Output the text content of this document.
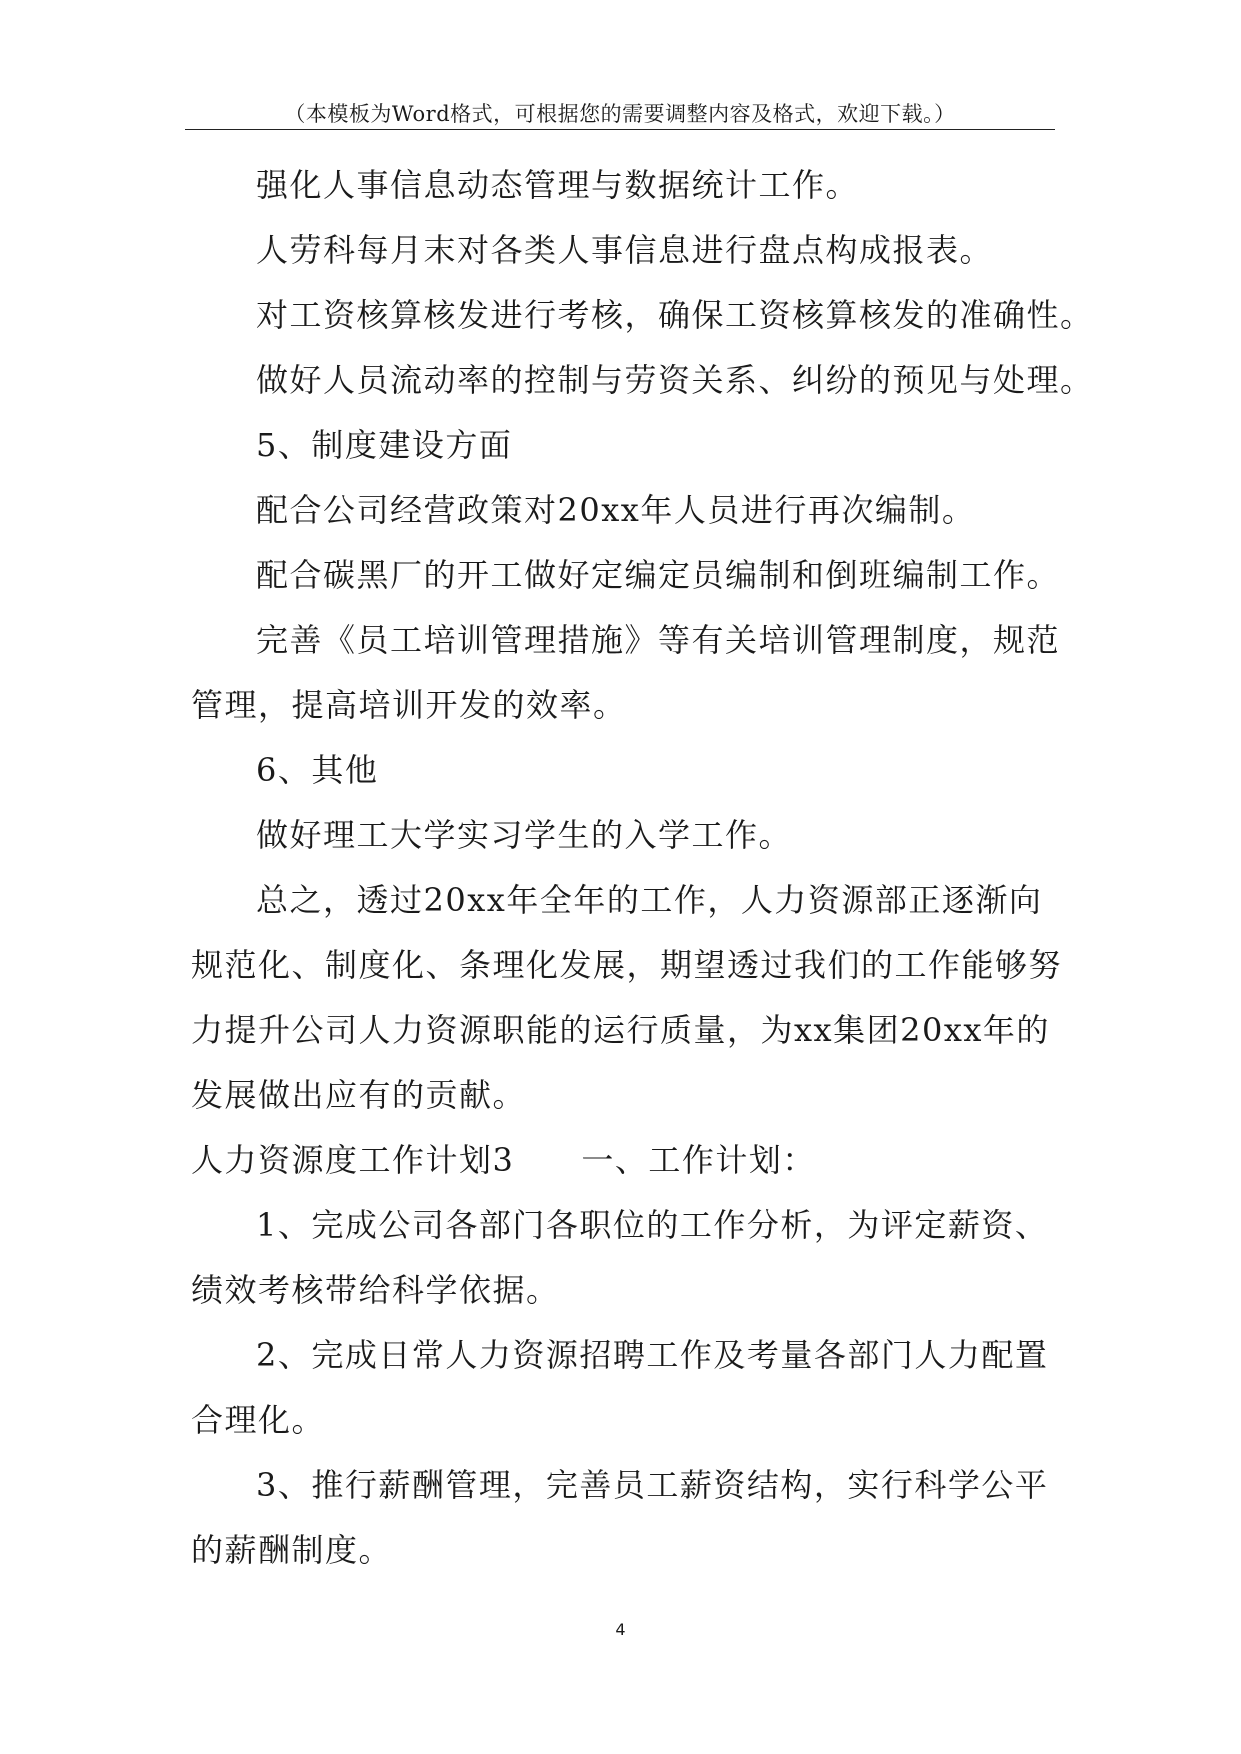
（本模板为Word格式，可根据您的需要调整内容及格式，欢迎下载。）
强化人事信息动态管理与数据统计工作。
人劳科每月末对各类人事信息进行盘点构成报表。
对工资核算核发进行考核，确保工资核算核发的准确性。
做好人员流动率的控制与劳资关系、纠纷的预见与处理。
5、制度建设方面
配合公司经营政策对20xx年人员进行再次编制。
配合碳黑厂的开工做好定编定员编制和倒班编制工作。
完善《员工培训管理措施》等有关培训管理制度，规范
管理，提高培训开发的效率。
6、其他
做好理工大学实习学生的入学工作。
总之，透过20xx年全年的工作，人力资源部正逐渐向
规范化、制度化、条理化发展，期望透过我们的工作能够努
力提升公司人力资源职能的运行质量，为xx集团20xx年的
发展做出应有的贡献。
人力资源度工作计划3　　一、工作计划：
1、完成公司各部门各职位的工作分析，为评定薪资、
绩效考核带给科学依据。
2、完成日常人力资源招聘工作及考量各部门人力配置
合理化。
3、推行薪酬管理，完善员工薪资结构，实行科学公平
的薪酬制度。
4
